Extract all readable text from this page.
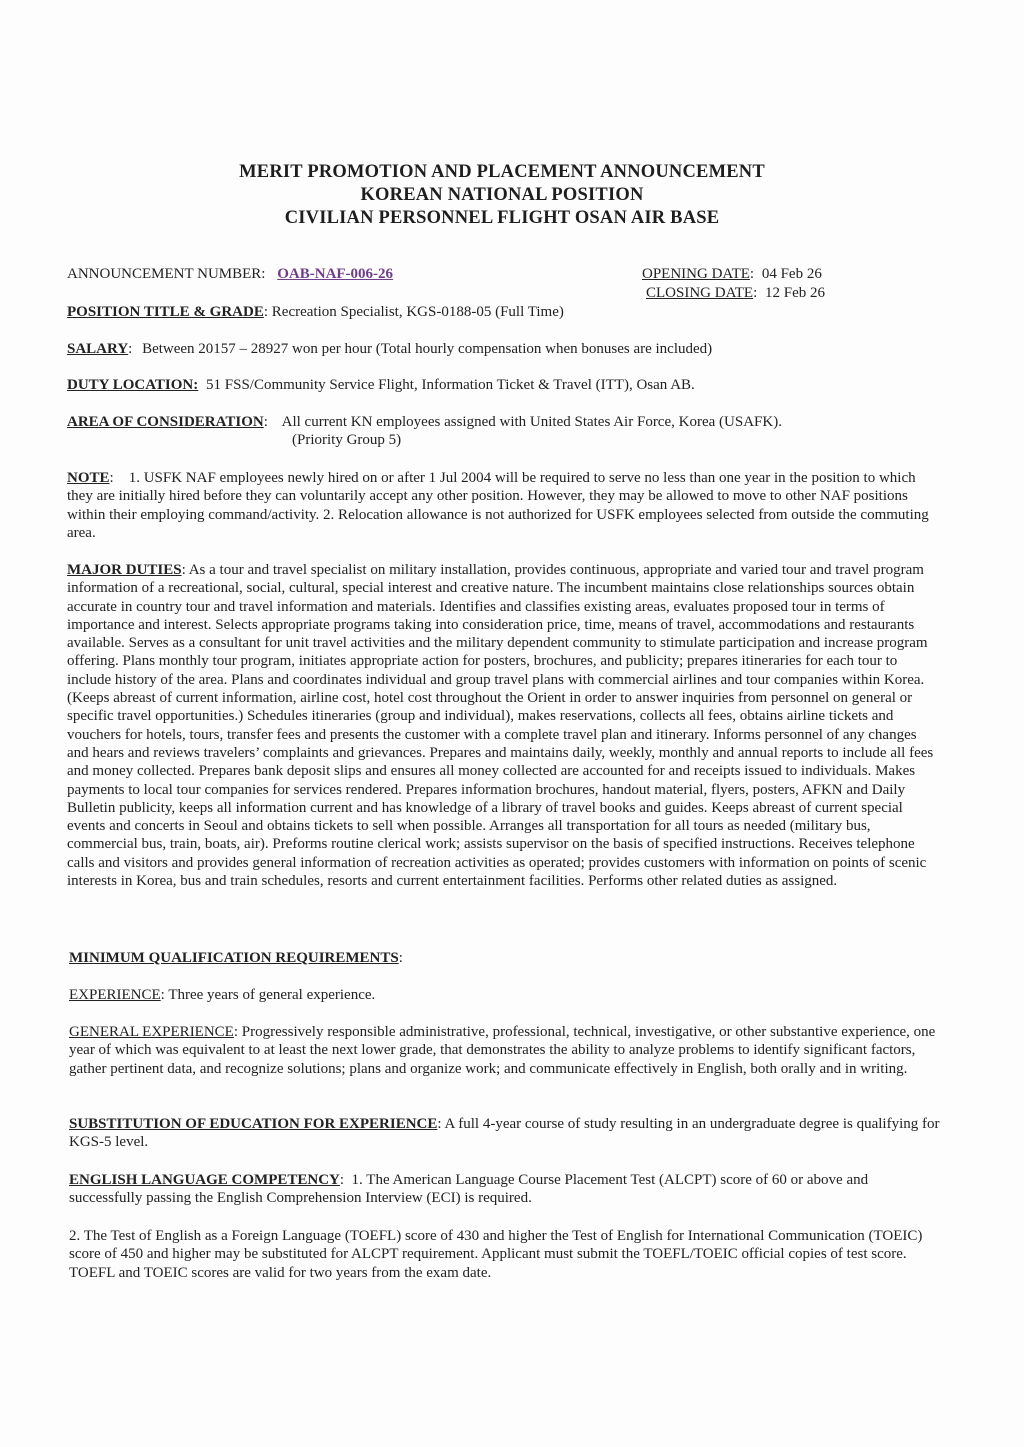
MERIT PROMOTION AND PLACEMENT ANNOUNCEMENT
KOREAN NATIONAL POSITION
CIVILIAN PERSONNEL FLIGHT OSAN AIR BASE
ANNOUNCEMENT NUMBER: OAB-NAF-006-26	OPENING DATE: 04 Feb 26
CLOSING DATE: 12 Feb 26
POSITION TITLE & GRADE: Recreation Specialist, KGS-0188-05 (Full Time)
SALARY: Between 20157 – 28927 won per hour (Total hourly compensation when bonuses are included)
DUTY LOCATION: 51 FSS/Community Service Flight, Information Ticket & Travel (ITT), Osan AB.
AREA OF CONSIDERATION: All current KN employees assigned with United States Air Force, Korea (USAFK).
(Priority Group 5)
NOTE:    1. USFK NAF employees newly hired on or after 1 Jul 2004 will be required to serve no less than one year in the position to which they are initially hired before they can voluntarily accept any other position. However, they may be allowed to move to other NAF positions within their employing command/activity. 2. Relocation allowance is not authorized for USFK employees selected from outside the commuting area.
MAJOR DUTIES: As a tour and travel specialist on military installation, provides continuous, appropriate and varied tour and travel program information of a recreational, social, cultural, special interest and creative nature. The incumbent maintains close relationships sources obtain accurate in country tour and travel information and materials. Identifies and classifies existing areas, evaluates proposed tour in terms of importance and interest. Selects appropriate programs taking into consideration price, time, means of travel, accommodations and restaurants available. Serves as a consultant for unit travel activities and the military dependent community to stimulate participation and increase program offering. Plans monthly tour program, initiates appropriate action for posters, brochures, and publicity; prepares itineraries for each tour to include history of the area. Plans and coordinates individual and group travel plans with commercial airlines and tour companies within Korea. (Keeps abreast of current information, airline cost, hotel cost throughout the Orient in order to answer inquiries from personnel on general or specific travel opportunities.) Schedules itineraries (group and individual), makes reservations, collects all fees, obtains airline tickets and vouchers for hotels, tours, transfer fees and presents the customer with a complete travel plan and itinerary. Informs personnel of any changes and hears and reviews travelers’ complaints and grievances. Prepares and maintains daily, weekly, monthly and annual reports to include all fees and money collected. Prepares bank deposit slips and ensures all money collected are accounted for and receipts issued to individuals. Makes payments to local tour companies for services rendered. Prepares information brochures, handout material, flyers, posters, AFKN and Daily Bulletin publicity, keeps all information current and has knowledge of a library of travel books and guides. Keeps abreast of current special events and concerts in Seoul and obtains tickets to sell when possible. Arranges all transportation for all tours as needed (military bus, commercial bus, train, boats, air). Preforms routine clerical work; assists supervisor on the basis of specified instructions. Receives telephone calls and visitors and provides general information of recreation activities as operated; provides customers with information on points of scenic interests in Korea, bus and train schedules, resorts and current entertainment facilities. Performs other related duties as assigned.
MINIMUM QUALIFICATION REQUIREMENTS:
EXPERIENCE: Three years of general experience.
GENERAL EXPERIENCE: Progressively responsible administrative, professional, technical, investigative, or other substantive experience, one year of which was equivalent to at least the next lower grade, that demonstrates the ability to analyze problems to identify significant factors, gather pertinent data, and recognize solutions; plans and organize work; and communicate effectively in English, both orally and in writing.
SUBSTITUTION OF EDUCATION FOR EXPERIENCE: A full 4-year course of study resulting in an undergraduate degree is qualifying for KGS-5 level.
ENGLISH LANGUAGE COMPETENCY:  1. The American Language Course Placement Test (ALCPT) score of 60 or above and successfully passing the English Comprehension Interview (ECI) is required.
2. The Test of English as a Foreign Language (TOEFL) score of 430 and higher the Test of English for International Communication (TOEIC) score of 450 and higher may be substituted for ALCPT requirement. Applicant must submit the TOEFL/TOEIC official copies of test score. TOEFL and TOEIC scores are valid for two years from the exam date.
